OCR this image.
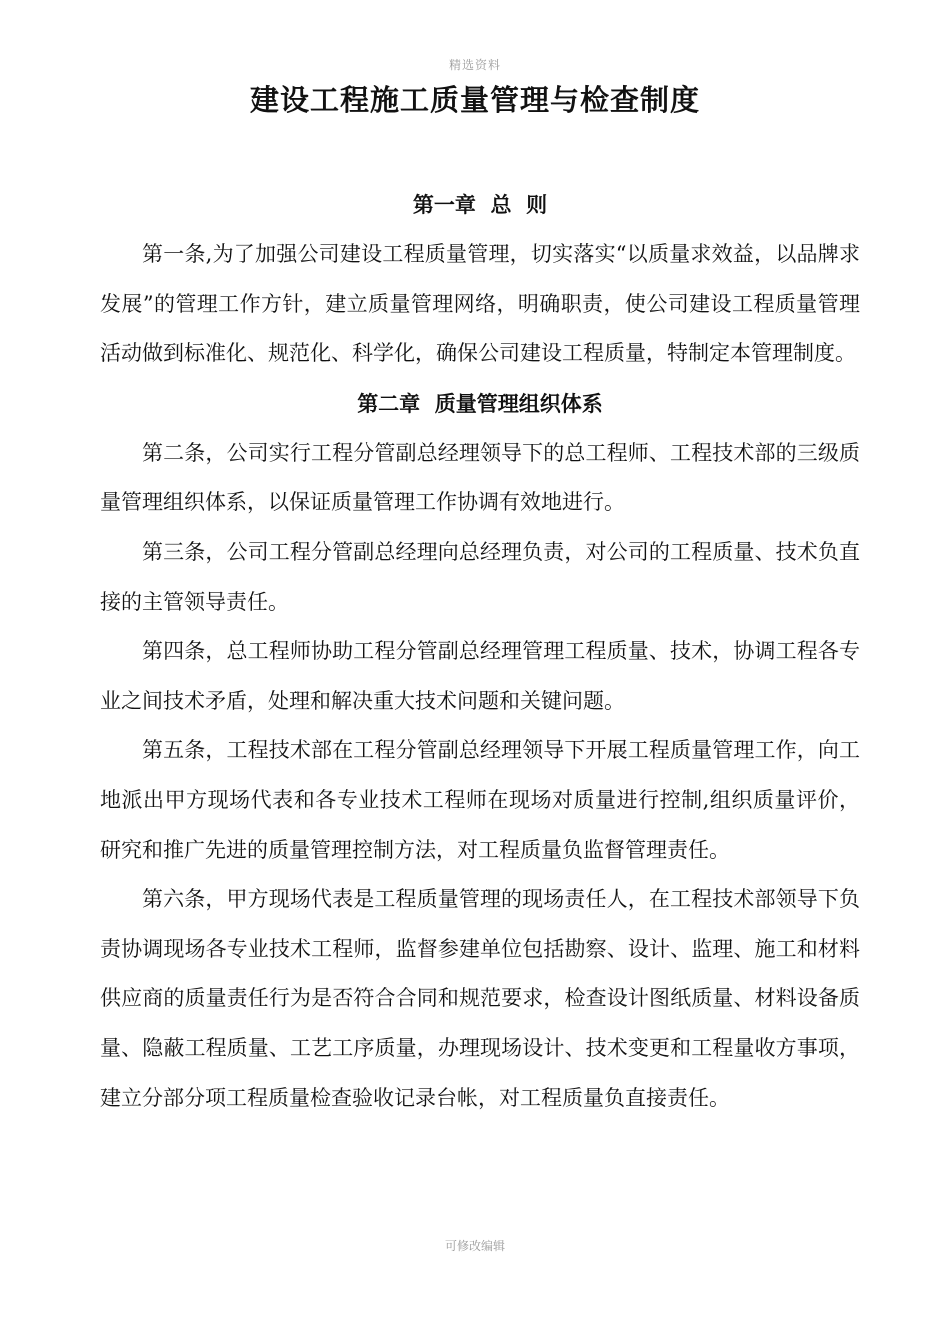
精选资料
建设工程施工质量管理与检查制度
第一章  总  则

第一条,为了加强公司建设工程质量管理，切实落实“以质量求效益，以品牌求发展”的管理工作方针，建立质量管理网络，明确职责，使公司建设工程质量管理活动做到标准化、规范化、科学化，确保公司建设工程质量，特制定本管理制度。

第二章  质量管理组织体系

第二条，公司实行工程分管副总经理领导下的总工程师、工程技术部的三级质量管理组织体系，以保证质量管理工作协调有效地进行。

第三条，公司工程分管副总经理向总经理负责，对公司的工程质量、技术负直接的主管领导责任。

第四条，总工程师协助工程分管副总经理管理工程质量、技术，协调工程各专业之间技术矛盾，处理和解决重大技术问题和关键问题。

第五条，工程技术部在工程分管副总经理领导下开展工程质量管理工作，向工地派出甲方现场代表和各专业技术工程师在现场对质量进行控制,组织质量评价，研究和推广先进的质量管理控制方法，对工程质量负监督管理责任。

第六条，甲方现场代表是工程质量管理的现场责任人，在工程技术部领导下负责协调现场各专业技术工程师，监督参建单位包括勘察、设计、监理、施工和材料供应商的质量责任行为是否符合合同和规范要求，检查设计图纸质量、材料设备质量、隐蔽工程质量、工艺工序质量，办理现场设计、技术变更和工程量收方事项，建立分部分项工程质量检查验收记录台帐，对工程质量负直接责任。

可修改编辑
